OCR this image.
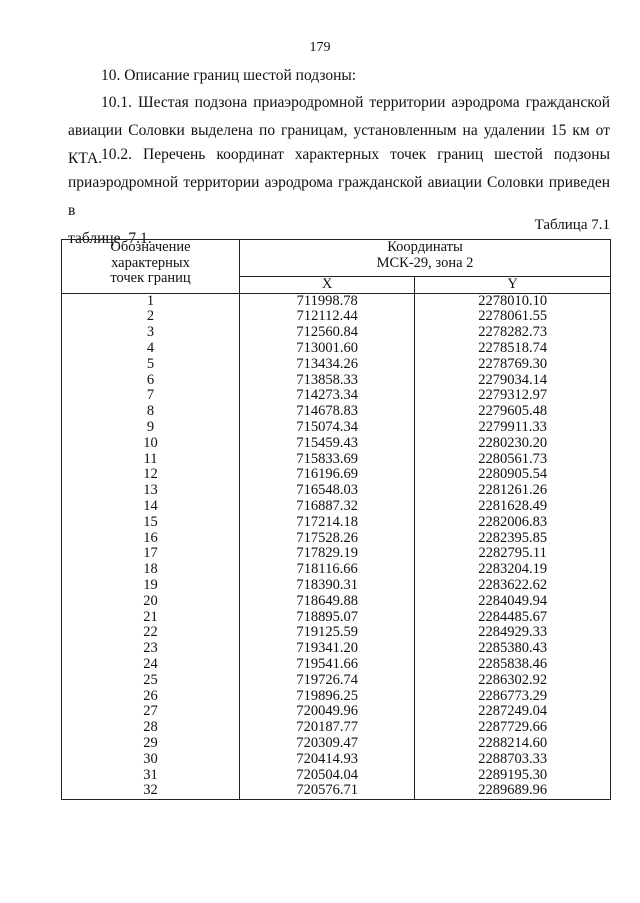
179
10. Описание границ шестой подзоны:
10.1. Шестая подзона приаэродромной территории аэродрома гражданской авиации Соловки выделена по границам, установленным на удалении 15 км от КТА.
10.2. Перечень координат характерных точек границ шестой подзоны приаэродромной территории аэродрома гражданской авиации Соловки приведен в
таблице 7.1.
Таблица 7.1
Обозначение
характерных
точек границ	Координаты
МСК-29, зона 2	

	X	Y
1	711998.78	2278010.10
2	712112.44	2278061.55
3	712560.84	2278282.73
4	713001.60	2278518.74
5	713434.26	2278769.30
6	713858.33	2279034.14
7	714273.34	2279312.97
8	714678.83	2279605.48
9	715074.34	2279911.33
10	715459.43	2280230.20
11	715833.69	2280561.73
12	716196.69	2280905.54
13	716548.03	2281261.26
14	716887.32	2281628.49
15	717214.18	2282006.83
16	717528.26	2282395.85
17	717829.19	2282795.11
18	718116.66	2283204.19
19	718390.31	2283622.62
20	718649.88	2284049.94
21	718895.07	2284485.67
22	719125.59	2284929.33
23	719341.20	2285380.43
24	719541.66	2285838.46
25	719726.74	2286302.92
26	719896.25	2286773.29
27	720049.96	2287249.04
28	720187.77	2287729.66
29	720309.47	2288214.60
30	720414.93	2288703.33
31	720504.04	2289195.30
32	720576.71	2289689.96
